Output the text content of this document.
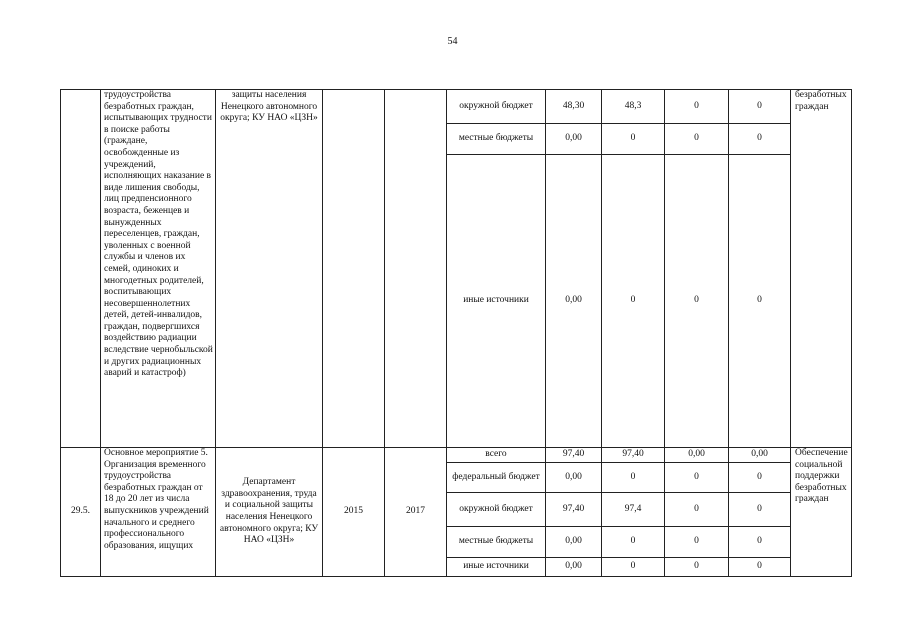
54
	трудоустройства безработных граждан, испытывающих трудности в поиске работы (граждане, освобожденные из учреждений, исполняющих наказание в виде лишения свободы, лиц предпенсионного возраста, беженцев и вынужденных переселенцев, граждан, уволенных с военной службы и членов их семей, одиноких и многодетных родителей, воспитывающих несовершеннолетних детей, детей-инвалидов, граждан, подвергшихся воздействию радиации вследствие чернобыльской и других радиационных аварий и катастроф)	защиты населения Ненецкого автономного округа; КУ НАО «ЦЗН»			окружной бюджет	48,30	48,3	0	0	безработных граждан
					местные бюджеты	0,00	0	0	0	
					иные источники	0,00	0	0	0	
29.5.	Основное мероприятие 5. Организация временного трудоустройства безработных граждан от 18 до 20 лет из числа выпускников учреждений начального и среднего профессионального образования, ищущих	Департамент здравоохранения, труда и социальной защиты населения Ненецкого автономного округа; КУ НАО «ЦЗН»	2015	2017	всего	97,40	97,40	0,00	0,00	Обеспечение социальной поддержки безработных граждан
					федеральный бюджет	0,00	0	0	0	
					окружной бюджет	97,40	97,4	0	0	
					местные бюджеты	0,00	0	0	0	
					иные источники	0,00	0	0	0	
